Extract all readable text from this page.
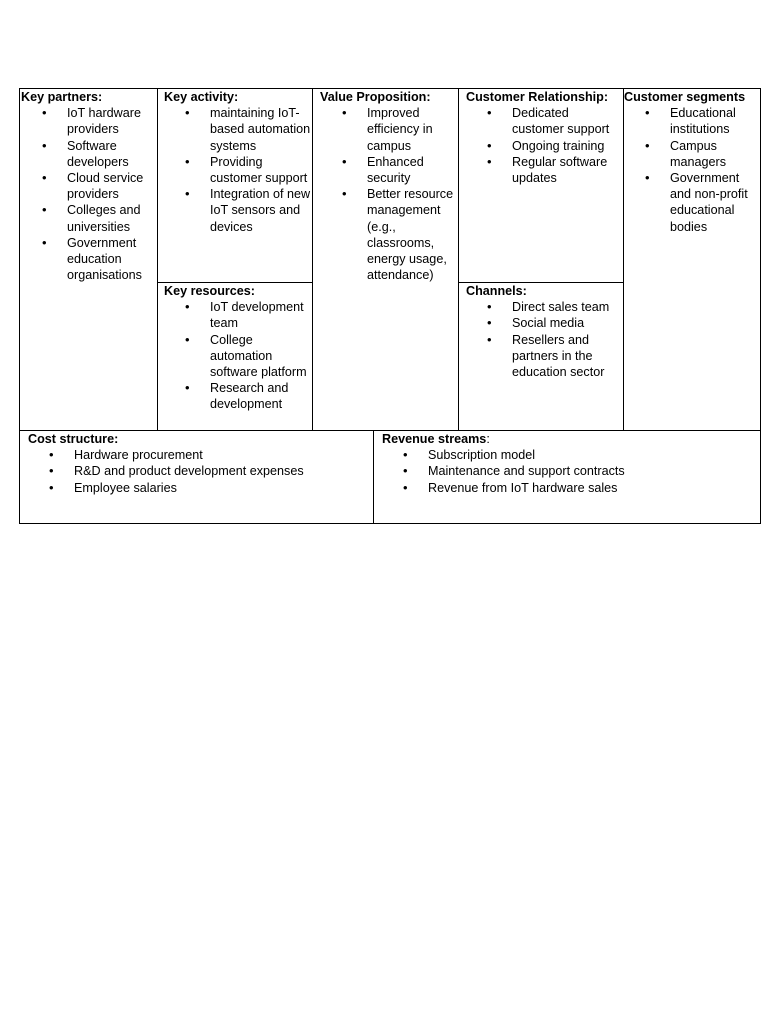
Key partners:
• IoT hardware providers
• Software developers
• Cloud service providers
• Colleges and universities
• Government education organisations
Key activity:
• maintaining IoT-based automation systems
• Providing customer support
• Integration of new IoT sensors and devices
Key resources:
• IoT development team
• College automation software platform
• Research and development
Value Proposition:
• Improved efficiency in campus
• Enhanced security
• Better resource management (e.g., classrooms, energy usage, attendance)
Customer Relationship:
• Dedicated customer support
• Ongoing training
• Regular software updates
Channels:
• Direct sales team
• Social media
• Resellers and partners in the education sector
Customer segments
• Educational institutions
• Campus managers
• Government and non-profit educational bodies
Cost structure:
• Hardware procurement
• R&D and product development expenses
• Employee salaries
Revenue streams:
• Subscription model
• Maintenance and support contracts
• Revenue from IoT hardware sales
